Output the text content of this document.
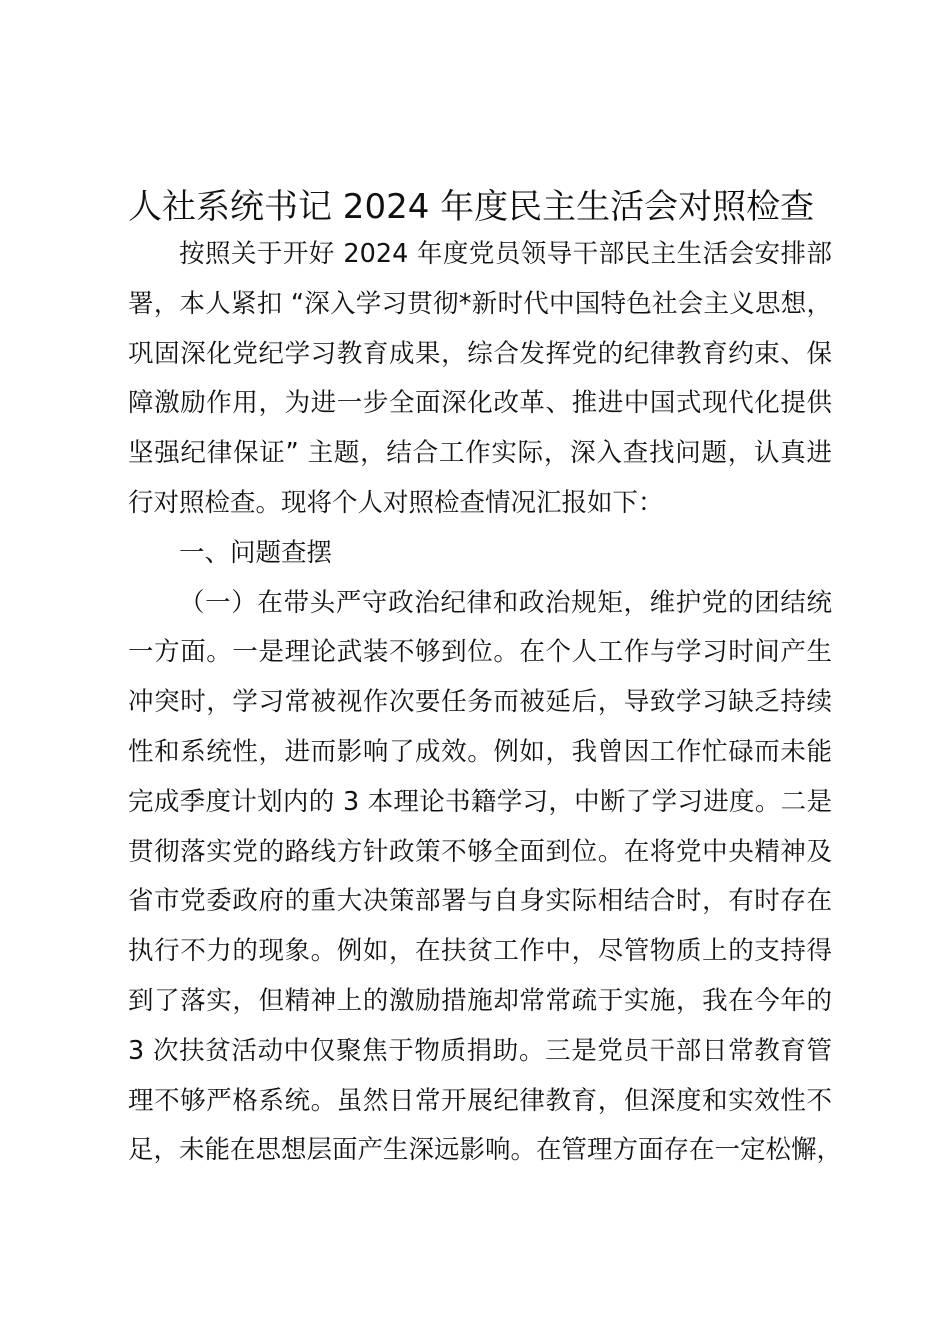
人社系统书记 2024 年度民主生活会对照检查
按照关于开好 2024 年度党员领导干部民主生活会安排部
署，本人紧扣 “深入学习贯彻*新时代中国特色社会主义思想，
巩固深化党纪学习教育成果，综合发挥党的纪律教育约束、保
障激励作用，为进一步全面深化改革、推进中国式现代化提供
坚强纪律保证” 主题，结合工作实际，深入查找问题，认真进
行对照检查。现将个人对照检查情况汇报如下：
一、问题查摆
（一）在带头严守政治纪律和政治规矩，维护党的团结统
一方面。一是理论武装不够到位。在个人工作与学习时间产生
冲突时，学习常被视作次要任务而被延后，导致学习缺乏持续
性和系统性，进而影响了成效。例如，我曾因工作忙碌而未能
完成季度计划内的 3 本理论书籍学习，中断了学习进度。二是
贯彻落实党的路线方针政策不够全面到位。在将党中央精神及
省市党委政府的重大决策部署与自身实际相结合时，有时存在
执行不力的现象。例如，在扶贫工作中，尽管物质上的支持得
到了落实，但精神上的激励措施却常常疏于实施，我在今年的
3 次扶贫活动中仅聚焦于物质捐助。三是党员干部日常教育管
理不够严格系统。虽然日常开展纪律教育，但深度和实效性不
足，未能在思想层面产生深远影响。在管理方面存在一定松懈，
